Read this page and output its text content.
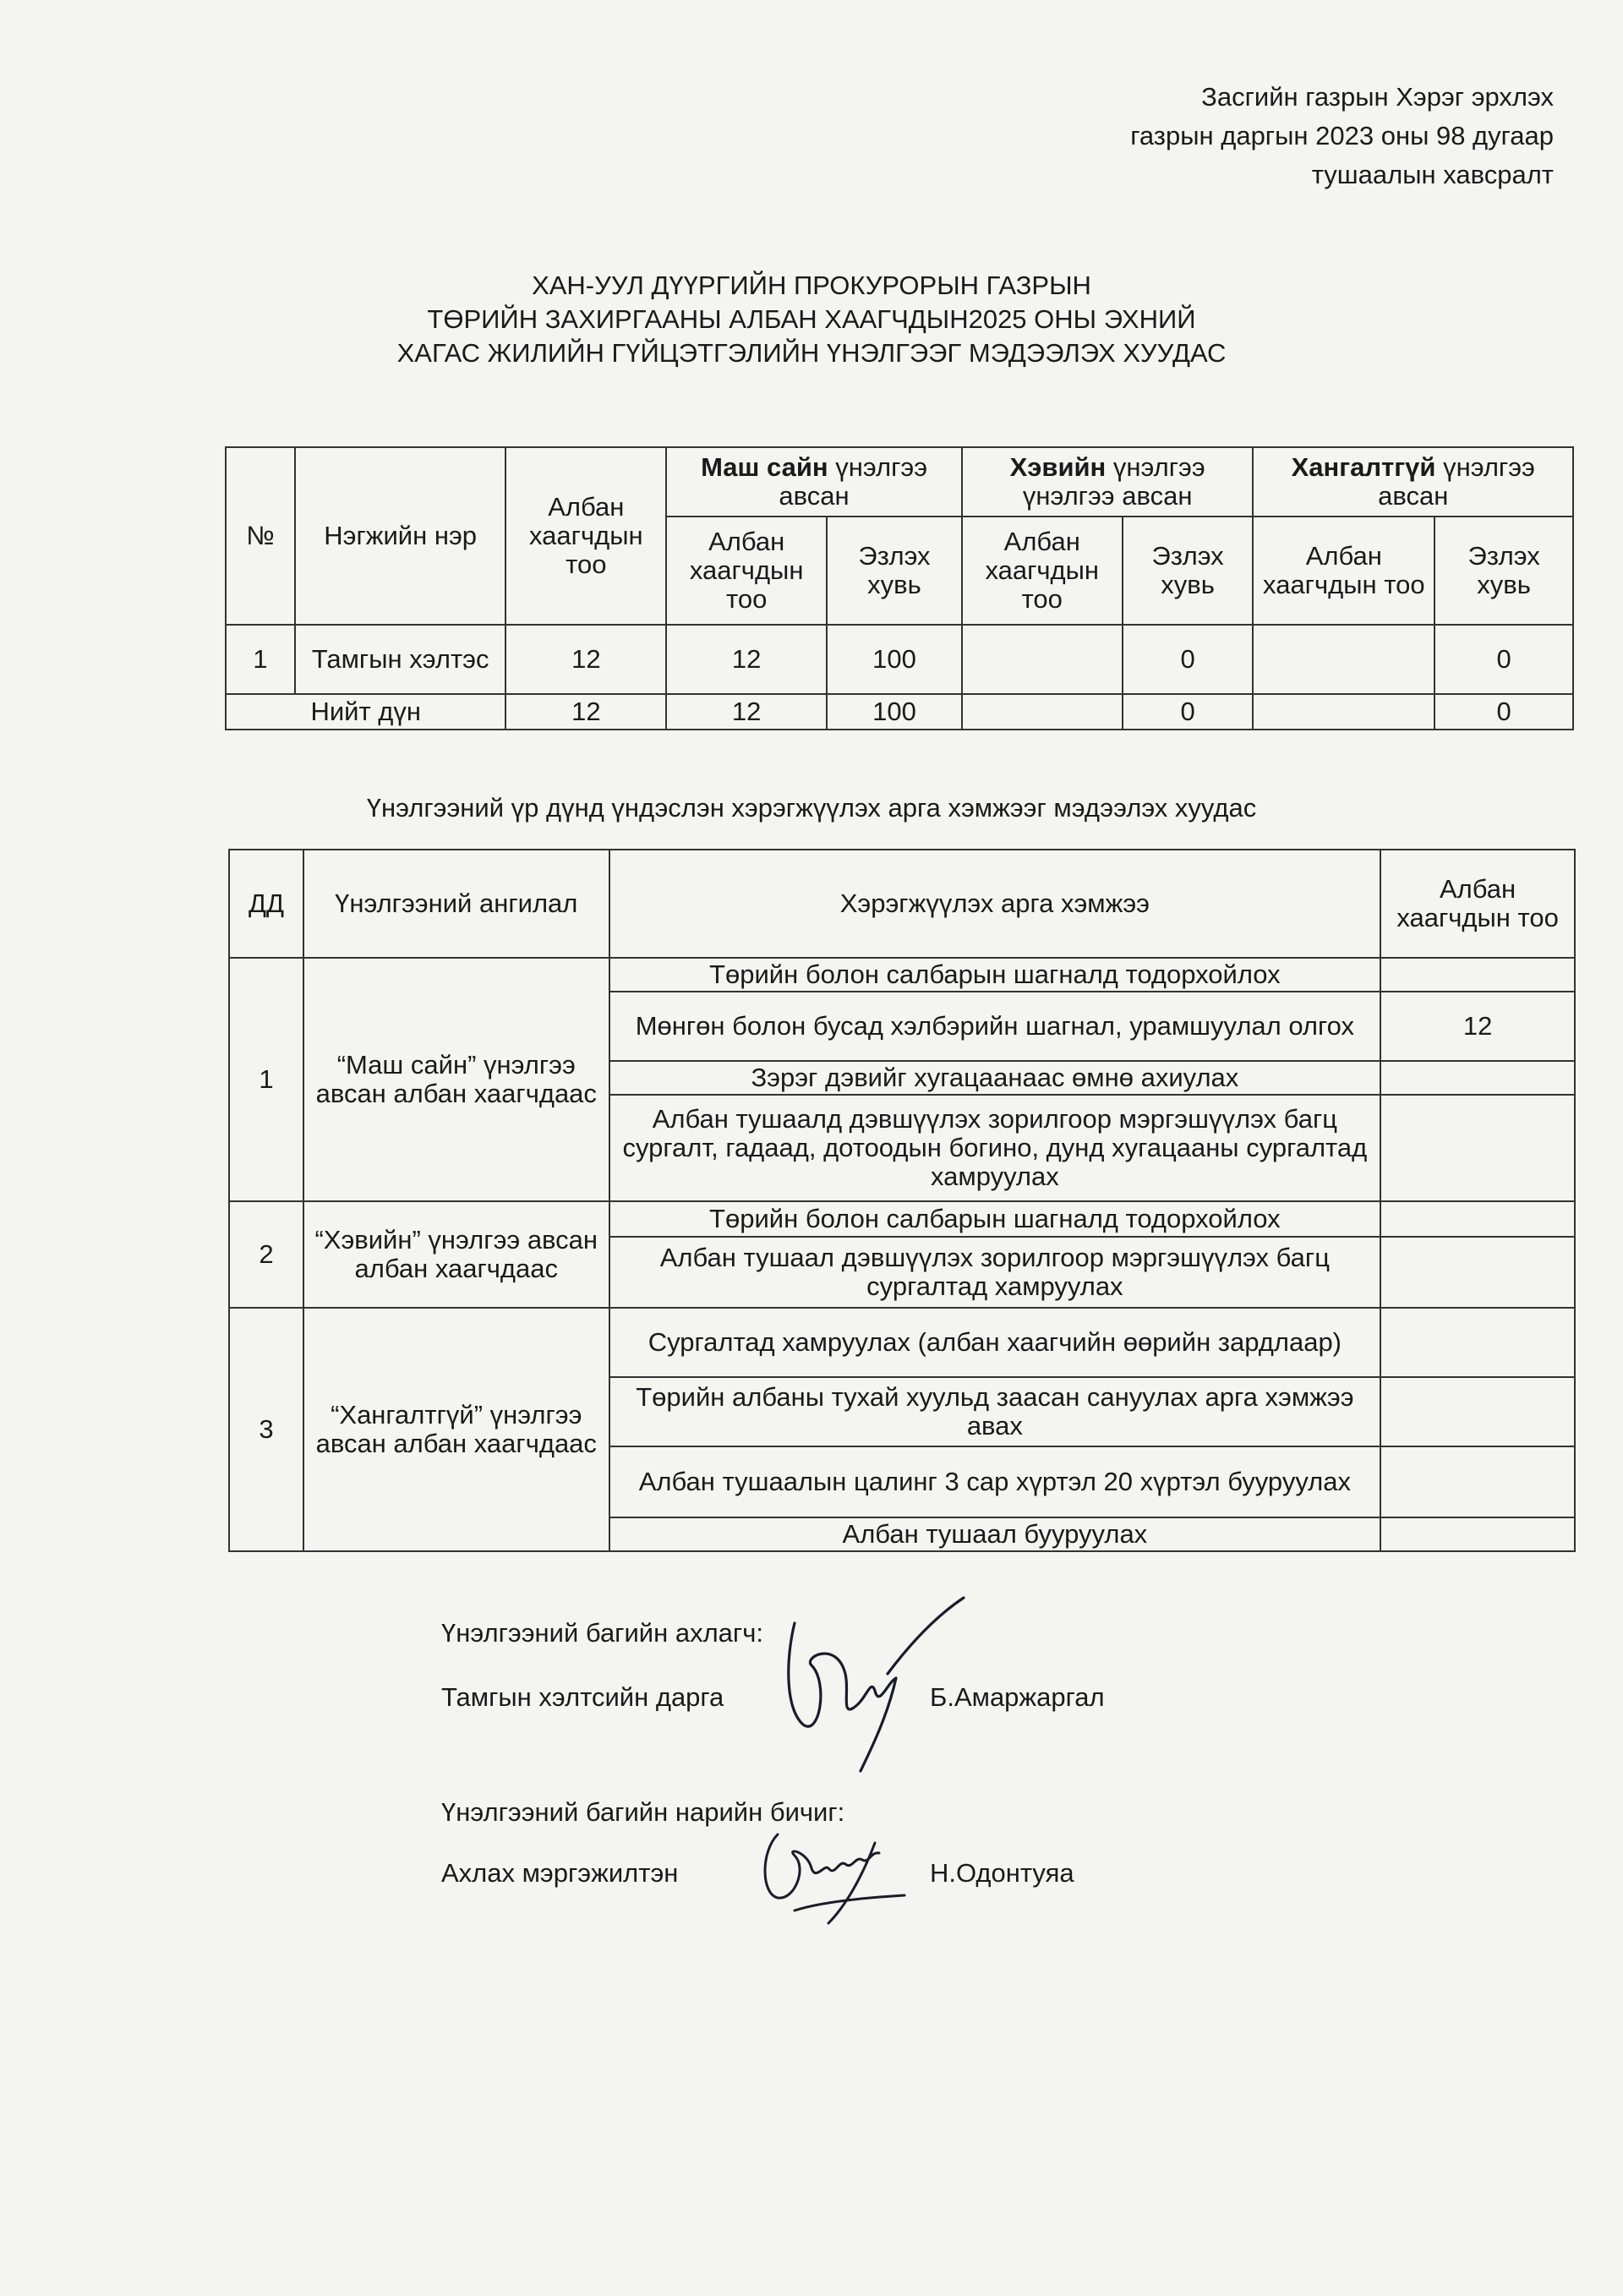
Засгийн газрын Хэрэг эрхлэх
газрын даргын 2023 оны 98 дугаар
тушаалын хавсралт
ХАН-УУЛ ДҮҮРГИЙН ПРОКУРОРЫН ГАЗРЫН
ТӨРИЙН ЗАХИРГААНЫ АЛБАН ХААГЧДЫН2025 ОНЫ ЭХНИЙ
ХАГАС ЖИЛИЙН ГҮЙЦЭТГЭЛИЙН ҮНЭЛГЭЭГ МЭДЭЭЛЭХ ХУУДАС
№	Нэгжийн нэр	Албан хаагчдын тоо	Маш сайн үнэлгээ авсан		Хэвийн үнэлгээ үнэлгээ авсан		Хангалтгүй үнэлгээ авсан	
			Албан хаагчдын тоо	Эзлэх хувь	Албан хаагчдын тоо	Эзлэх хувь	Албан хаагчдын тоо	Эзлэх хувь
1	Тамгын хэлтэс	12	12	100		0		0
Нийт дүн		12	12	100		0		0
Үнэлгээний үр дүнд үндэслэн хэрэгжүүлэх арга хэмжээг мэдээлэх хуудас
ДД	Үнэлгээний ангилал	Хэрэгжүүлэх арга хэмжээ	Албан хаагчдын тоо
1	“Маш сайн” үнэлгээ авсан албан хаагчдаас	Төрийн болон салбарын шагналд тодорхойлох	
		Мөнгөн болон бусад хэлбэрийн шагнал, урамшуулал олгох	12
		Зэрэг дэвийг хугацаанаас өмнө ахиулах	
		Албан тушаалд дэвшүүлэх зорилгоор мэргэшүүлэх багц сургалт, гадаад, дотоодын богино, дунд хугацааны сургалтад хамруулах	
2	“Хэвийн” үнэлгээ авсан албан хаагчдаас	Төрийн болон салбарын шагналд тодорхойлох	
		Албан тушаал дэвшүүлэх зорилгоор мэргэшүүлэх багц сургалтад хамруулах	
3	“Хангалтгүй” үнэлгээ авсан албан хаагчдаас	Сургалтад хамруулах (албан хаагчийн өөрийн зардлаар)	
		Төрийн албаны тухай хуульд заасан сануулах арга хэмжээ авах	
		Албан тушаалын цалинг 3 сар хүртэл 20 хүртэл бууруулах	
		Албан тушаал бууруулах	
Үнэлгээний багийн ахлагч:
Тамгын хэлтсийн дарга	Б.Амаржаргал
Үнэлгээний багийн нарийн бичиг:
Ахлах мэргэжилтэн	Н.Одонтуяа
